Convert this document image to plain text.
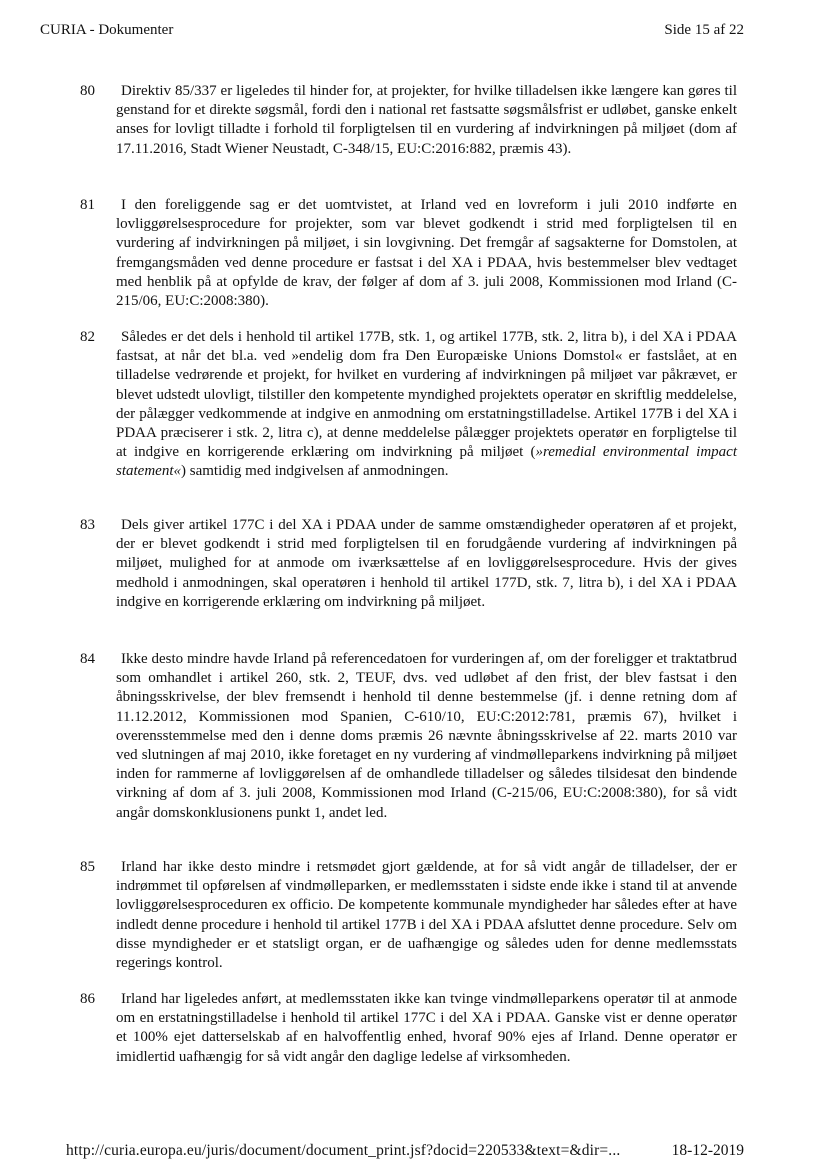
CURIA - Dokumenter	Side 15 af 22
80	Direktiv 85/337 er ligeledes til hinder for, at projekter, for hvilke tilladelsen ikke længere kan gøres til genstand for et direkte søgsmål, fordi den i national ret fastsatte søgsmålsfrist er udløbet, ganske enkelt anses for lovligt tilladte i forhold til forpligtelsen til en vurdering af indvirkningen på miljøet (dom af 17.11.2016, Stadt Wiener Neustadt, C-348/15, EU:C:2016:882, præmis 43).
81	I den foreliggende sag er det uomtvistet, at Irland ved en lovreform i juli 2010 indførte en lovliggørelsesprocedure for projekter, som var blevet godkendt i strid med forpligtelsen til en vurdering af indvirkningen på miljøet, i sin lovgivning. Det fremgår af sagsakterne for Domstolen, at fremgangsmåden ved denne procedure er fastsat i del XA i PDAA, hvis bestemmelser blev vedtaget med henblik på at opfylde de krav, der følger af dom af 3. juli 2008, Kommissionen mod Irland (C-215/06, EU:C:2008:380).
82	Således er det dels i henhold til artikel 177B, stk. 1, og artikel 177B, stk. 2, litra b), i del XA i PDAA fastsat, at når det bl.a. ved »endelig dom fra Den Europæiske Unions Domstol« er fastslået, at en tilladelse vedrørende et projekt, for hvilket en vurdering af indvirkningen på miljøet var påkrævet, er blevet udstedt ulovligt, tilstiller den kompetente myndighed projektets operatør en skriftlig meddelelse, der pålægger vedkommende at indgive en anmodning om erstatningstilladelse. Artikel 177B i del XA i PDAA præciserer i stk. 2, litra c), at denne meddelelse pålægger projektets operatør en forpligtelse til at indgive en korrigerende erklæring om indvirkning på miljøet (»remedial environmental impact statement«) samtidig med indgivelsen af anmodningen.
83	Dels giver artikel 177C i del XA i PDAA under de samme omstændigheder operatøren af et projekt, der er blevet godkendt i strid med forpligtelsen til en forudgående vurdering af indvirkningen på miljøet, mulighed for at anmode om iværksættelse af en lovliggørelsesprocedure. Hvis der gives medhold i anmodningen, skal operatøren i henhold til artikel 177D, stk. 7, litra b), i del XA i PDAA indgive en korrigerende erklæring om indvirkning på miljøet.
84	Ikke desto mindre havde Irland på referencedatoen for vurderingen af, om der foreligger et traktatbrud som omhandlet i artikel 260, stk. 2, TEUF, dvs. ved udløbet af den frist, der blev fastsat i den åbningsskrivelse, der blev fremsendt i henhold til denne bestemmelse (jf. i denne retning dom af 11.12.2012, Kommissionen mod Spanien, C-610/10, EU:C:2012:781, præmis 67), hvilket i overensstemmelse med den i denne doms præmis 26 nævnte åbningsskrivelse af 22. marts 2010 var ved slutningen af maj 2010, ikke foretaget en ny vurdering af vindmølleparkens indvirkning på miljøet inden for rammerne af lovliggørelsen af de omhandlede tilladelser og således tilsidesat den bindende virkning af dom af 3. juli 2008, Kommissionen mod Irland (C-215/06, EU:C:2008:380), for så vidt angår domskonklusionens punkt 1, andet led.
85	Irland har ikke desto mindre i retsmødet gjort gældende, at for så vidt angår de tilladelser, der er indrømmet til opførelsen af vindmølleparken, er medlemsstaten i sidste ende ikke i stand til at anvende lovliggørelsesproceduren ex officio. De kompetente kommunale myndigheder har således efter at have indledt denne procedure i henhold til artikel 177B i del XA i PDAA afsluttet denne procedure. Selv om disse myndigheder er et statsligt organ, er de uafhængige og således uden for denne medlemsstats regerings kontrol.
86	Irland har ligeledes anført, at medlemsstaten ikke kan tvinge vindmølleparkens operatør til at anmode om en erstatningstilladelse i henhold til artikel 177C i del XA i PDAA. Ganske vist er denne operatør et 100% ejet datterselskab af en halvoffentlig enhed, hvoraf 90% ejes af Irland. Denne operatør er imidlertid uafhængig for så vidt angår den daglige ledelse af virksomheden.
http://curia.europa.eu/juris/document/document_print.jsf?docid=220533&text=&dir=...	18-12-2019
